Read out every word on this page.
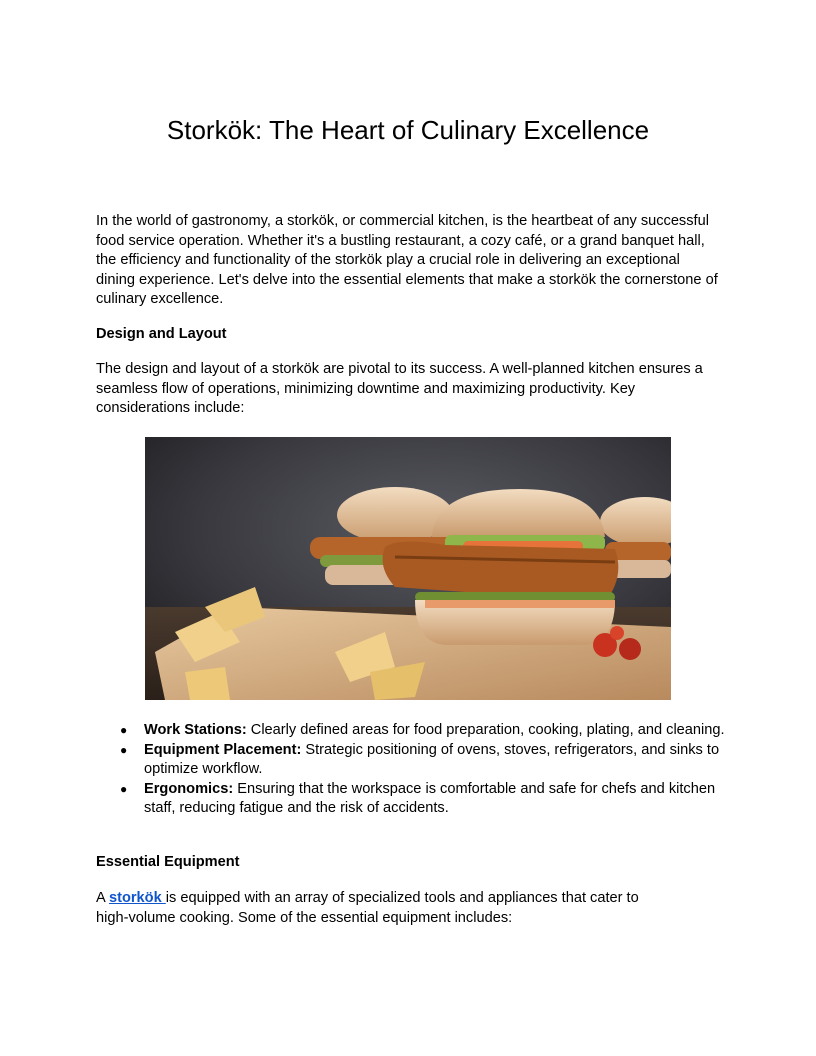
Storkök: The Heart of Culinary Excellence

In the world of gastronomy, a storkök, or commercial kitchen, is the heartbeat of any successful food service operation. Whether it's a bustling restaurant, a cozy café, or a grand banquet hall, the efficiency and functionality of the storkök play a crucial role in delivering an exceptional dining experience. Let's delve into the essential elements that make a storkök the cornerstone of culinary excellence.

Design and Layout

The design and layout of a storkök are pivotal to its success. A well-planned kitchen ensures a seamless flow of operations, minimizing downtime and maximizing productivity. Key considerations include:

● Work Stations: Clearly defined areas for food preparation, cooking, plating, and cleaning.
● Equipment Placement: Strategic positioning of ovens, stoves, refrigerators, and sinks to optimize workflow.
● Ergonomics: Ensuring that the workspace is comfortable and safe for chefs and kitchen staff, reducing fatigue and the risk of accidents.

Essential Equipment

A storkök is equipped with an array of specialized tools and appliances that cater to high-volume cooking. Some of the essential equipment includes:
